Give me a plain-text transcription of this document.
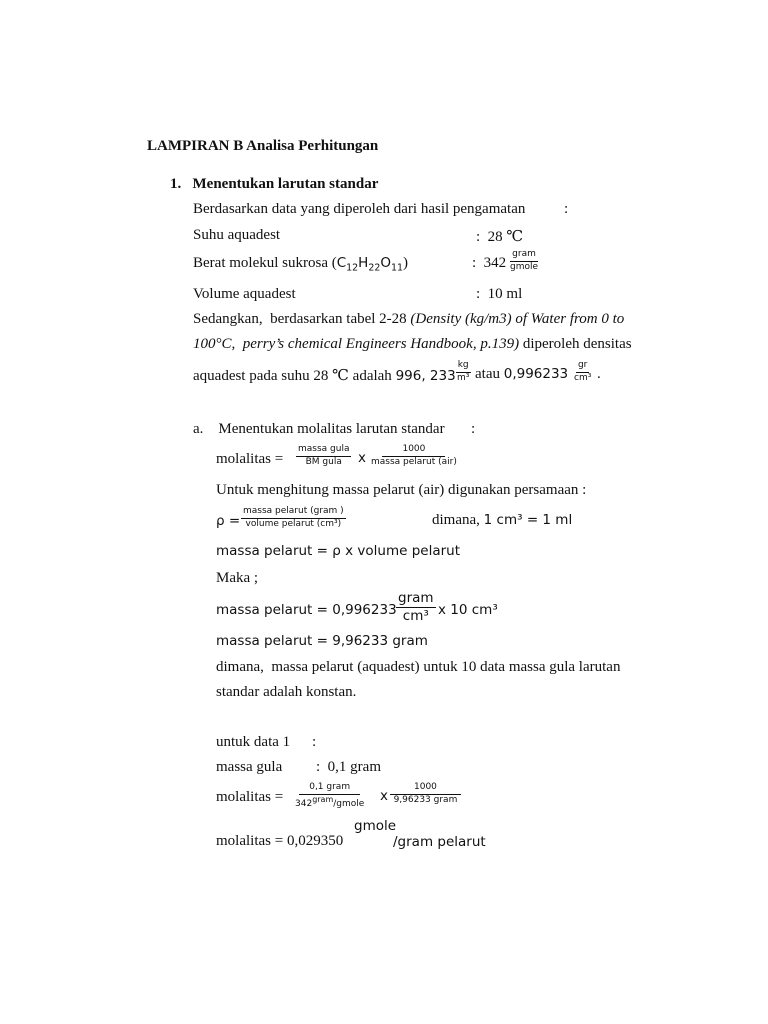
LAMPIRAN B Analisa Perhitungan
1.   Menentukan larutan standar
Berdasarkan data yang diperoleh dari hasil pengamatan	:
Suhu aquadest	:  28 ℃
Berat molekul sukrosa $(C_{12}H_{22}O_{11})$	:  342
gram
gmole
Volume aquadest	:  10 ml
Sedangkan,  berdasarkan tabel 2-28 (Density (kg/m3) of Water from 0 to
100°C,  perry’s chemical Engineers Handbook, p.139) diperoleh densitas
aquadest pada suhu 28 ℃ adalah 996, $233 \frac{kg}{\text{m³}}$ atau $0,996233 \frac{gr}{\text{cm³}}$ .
a.    Menentukan molalitas larutan standar :
molalitas =
massa gula
BM gula x
1000
massa pelarut (air)
Untuk menghitung massa pelarut (air) digunakan persamaan :
ρ =
massa pelarut (gram )
volume pelarut (cm³)	dimana, 1 cm³ = 1 ml
massa pelarut = ρ x volume pelarut
Maka ;
massa pelarut = 0,996233
gram
cm³ x 10 cm³
massa pelarut = 9,96233 gram
dimana,  massa pelarut (aquadest) untuk 10 data massa gula larutan
standar adalah konstan.
untuk data 1 :
massa gula :  0,1 gram
molalitas =
0,1 gram
$342^{gram}$/gmole x
1000
9,96233 gram
molalitas = 0,029350
gmole
/gram pelarut
